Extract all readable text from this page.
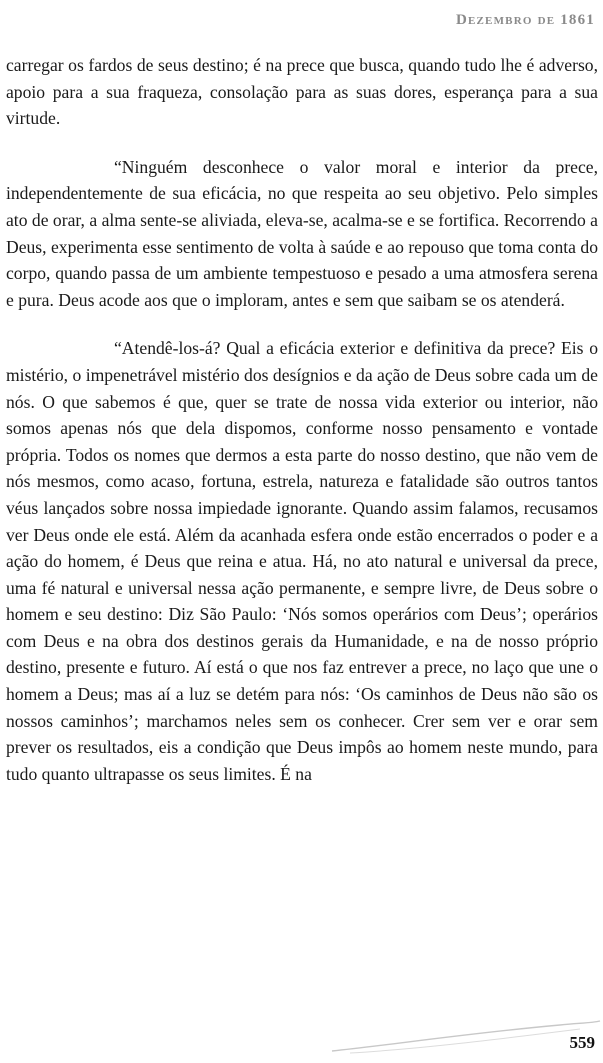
Dezembro de 1861

carregar os fardos de seus destino; é na prece que busca, quando tudo lhe é adverso, apoio para a sua fraqueza, consolação para as suas dores, esperança para a sua virtude.

“Ninguém desconhece o valor moral e interior da prece, independentemente de sua eficácia, no que respeita ao seu objetivo. Pelo simples ato de orar, a alma sente-se aliviada, eleva-se, acalma-se e se fortifica. Recorrendo a Deus, experimenta esse sentimento de volta à saúde e ao repouso que toma conta do corpo, quando passa de um ambiente tempestuoso e pesado a uma atmosfera serena e pura. Deus acode aos que o imploram, antes e sem que saibam se os atenderá.

“Atendê-los-á? Qual a eficácia exterior e definitiva da prece? Eis o mistério, o impenetrável mistério dos desígnios e da ação de Deus sobre cada um de nós. O que sabemos é que, quer se trate de nossa vida exterior ou interior, não somos apenas nós que dela dispomos, conforme nosso pensamento e vontade própria. Todos os nomes que dermos a esta parte do nosso destino, que não vem de nós mesmos, como acaso, fortuna, estrela, natureza e fatalidade são outros tantos véus lançados sobre nossa impiedade ignorante. Quando assim falamos, recusamos ver Deus onde ele está. Além da acanhada esfera onde estão encerrados o poder e a ação do homem, é Deus que reina e atua. Há, no ato natural e universal da prece, uma fé natural e universal nessa ação permanente, e sempre livre, de Deus sobre o homem e seu destino: Diz São Paulo: ‘Nós somos operários com Deus’; operários com Deus e na obra dos destinos gerais da Humanidade, e na de nosso próprio destino, presente e futuro. Aí está o que nos faz entrever a prece, no laço que une o homem a Deus; mas aí a luz se detém para nós: ‘Os caminhos de Deus não são os nossos caminhos’; marchamos neles sem os conhecer. Crer sem ver e orar sem prever os resultados, eis a condição que Deus impôs ao homem neste mundo, para tudo quanto ultrapasse os seus limites. É na

559
